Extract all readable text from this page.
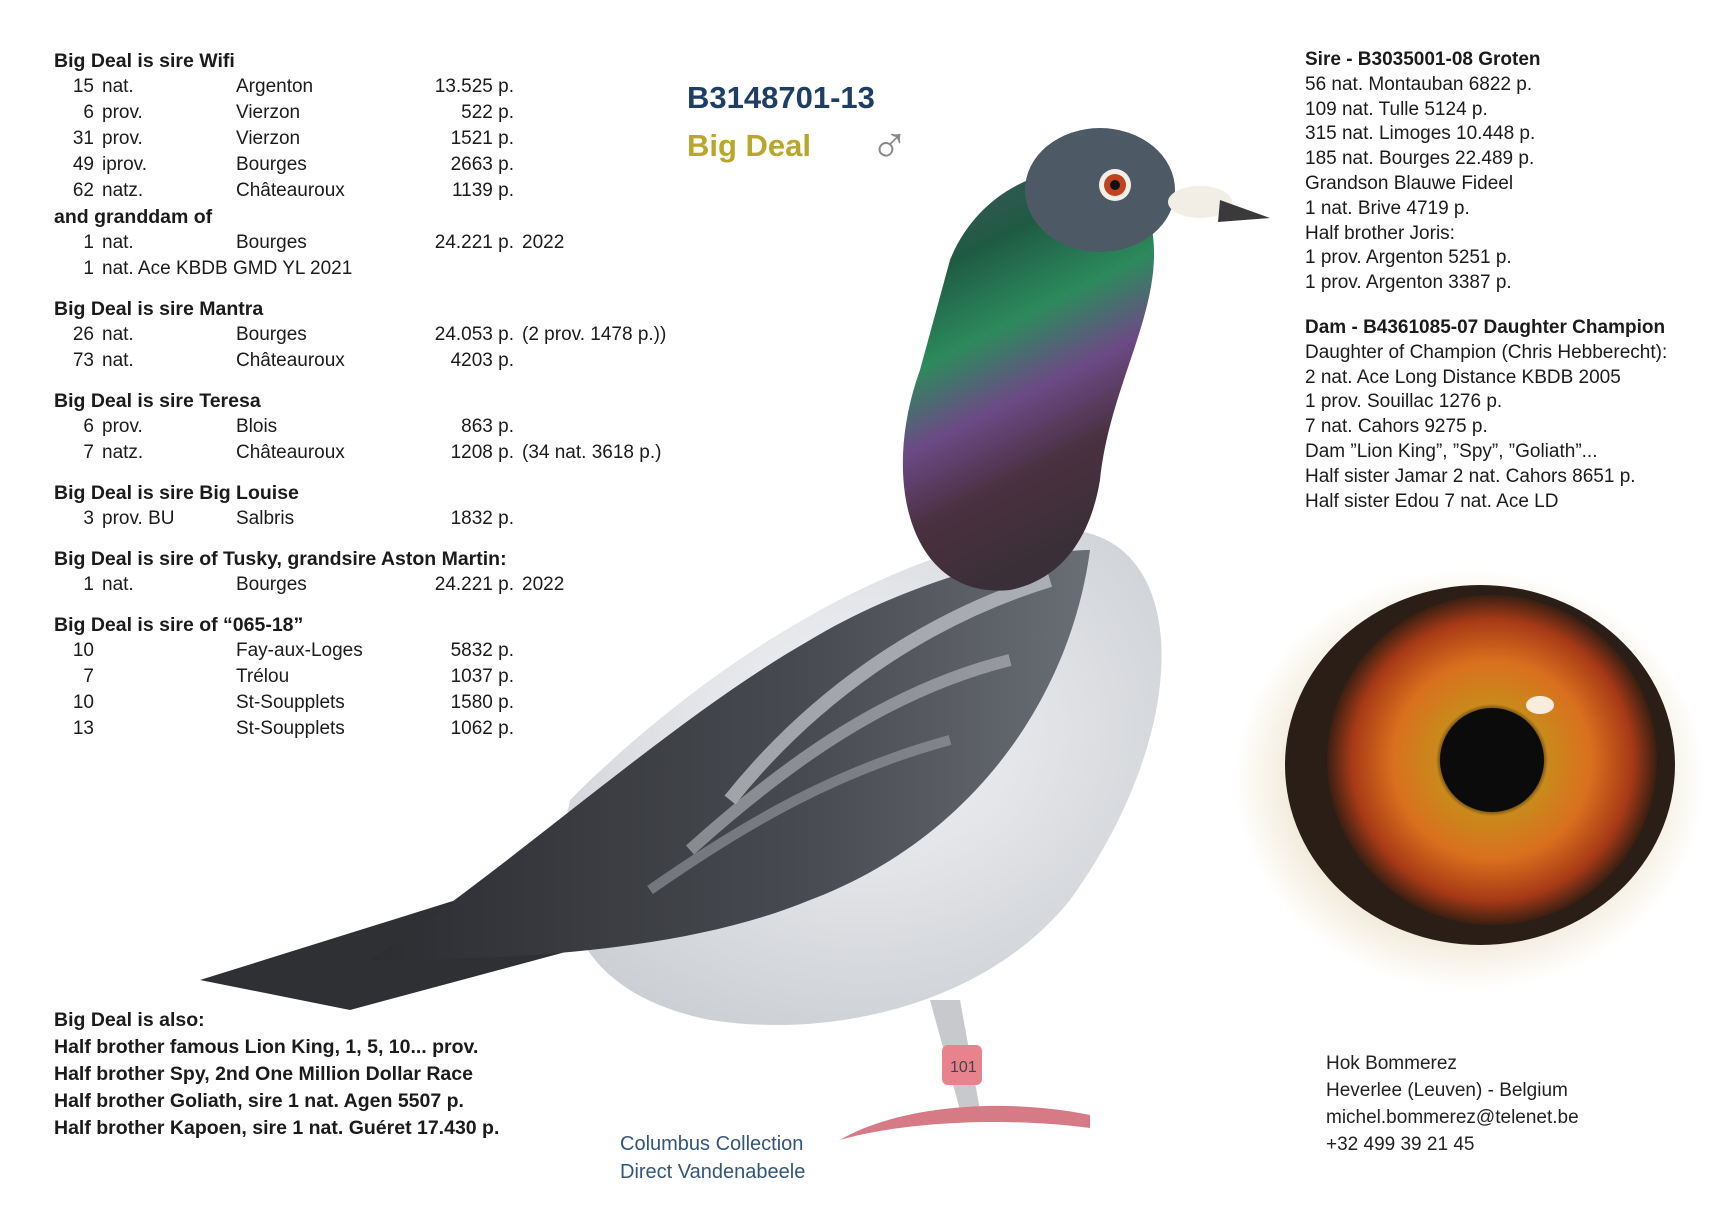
Big Deal is sire Wifi
15 nat.	Argenton	13.525 p.
6 prov.	Vierzon	522 p.
31 prov.	Vierzon	1521 p.
49 iprov.	Bourges	2663 p.
62 natz.	Châteauroux	1139 p.
and granddam of
1 nat.	Bourges	24.221 p. 2022
1 nat. Ace KBDB GMD YL 2021
Big Deal is sire Mantra
26 nat.	Bourges	24.053 p. (2 prov. 1478 p.))
73 nat.	Châteauroux	4203 p.
Big Deal is sire Teresa
6 prov.	Blois	863 p.
7 natz.	Châteauroux	1208 p. (34 nat. 3618 p.)
Big Deal is sire Big Louise
3 prov. BU	Salbris	1832 p.
Big Deal is sire of Tusky, grandsire Aston Martin:
1 nat.	Bourges	24.221 p. 2022
Big Deal is sire of “065-18”
10	Fay-aux-Loges	5832 p.
7	Trélou	1037 p.
10	St-Soupplets	1580 p.
13	St-Soupplets	1062 p.
101
B3148701-13
Big Deal	♂
Sire - B3035001-08 Groten
56 nat. Montauban 6822 p.
109 nat. Tulle 5124 p.
315 nat. Limoges 10.448 p.
185 nat. Bourges 22.489 p.
Grandson Blauwe Fideel
1 nat. Brive 4719 p.
Half brother Joris:
1 prov. Argenton 5251 p.
1 prov. Argenton 3387 p.
Dam - B4361085-07 Daughter Champion
Daughter of Champion (Chris Hebberecht):
2 nat. Ace Long Distance KBDB 2005
1 prov. Souillac 1276 p.
7 nat. Cahors 9275 p.
Dam ”Lion King”, ”Spy”, ”Goliath”...
Half sister Jamar 2 nat. Cahors 8651 p.
Half sister Edou 7 nat. Ace LD
Big Deal is also:
Half brother famous Lion King, 1, 5, 10... prov.
Half brother Spy, 2nd One Million Dollar Race
Half brother Goliath, sire 1 nat. Agen 5507 p.
Half brother Kapoen, sire 1 nat. Guéret 17.430 p.
Columbus Collection
Direct Vandenabeele
Hok Bommerez
Heverlee (Leuven) - Belgium
michel.bommerez@telenet.be
+32 499 39 21 45
